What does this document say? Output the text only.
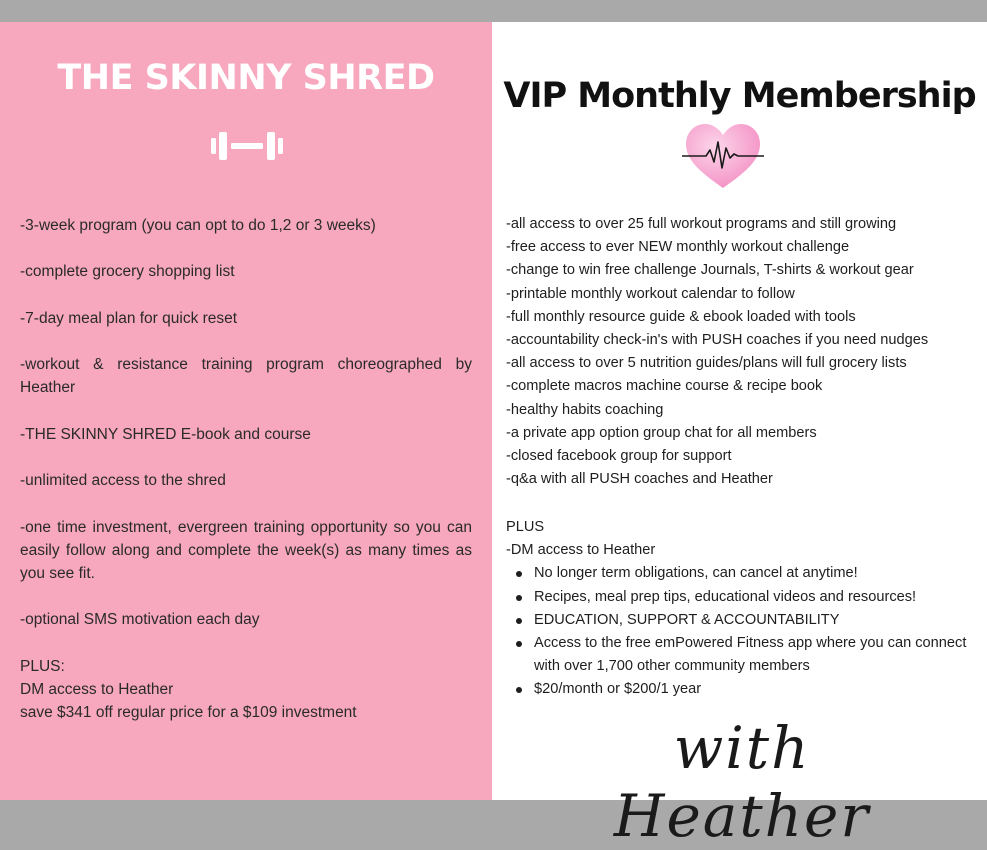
THE SKINNY SHRED

-3-week program (you can opt to do 1,2 or 3 weeks)

-complete grocery shopping list

-7-day meal plan for quick reset

-workout & resistance training program choreographed by Heather

-THE SKINNY SHRED E-book and course

-unlimited access to the shred

-one time investment, evergreen training opportunity so you can easily follow along and complete the week(s) as many times as you see fit.

-optional SMS motivation each day

PLUS:

DM access to Heather

save $341 off regular price for a $109 investment

VIP Monthly Membership
-all access to over 25 full workout programs and still growing
-free access to ever NEW monthly workout challenge
-change to win free challenge Journals, T-shirts & workout gear
-printable monthly workout calendar to follow
-full monthly resource guide & ebook loaded with tools
-accountability check-in's with PUSH coaches if you need nudges
-all access to over 5 nutrition guides/plans will full grocery lists
-complete macros machine course & recipe book
-healthy habits coaching
-a private app option group chat for all members
-closed facebook group for support
-q&a with all PUSH coaches and Heather
PLUS
-DM access to Heather
No longer term obligations, can cancel at anytime!
Recipes, meal prep tips, educational videos and resources!
EDUCATION, SUPPORT & ACCOUNTABILITY
Access to the free emPowered Fitness app where you can connect with over 1,700 other community members
$20/month or $200/1 year
with Heather
